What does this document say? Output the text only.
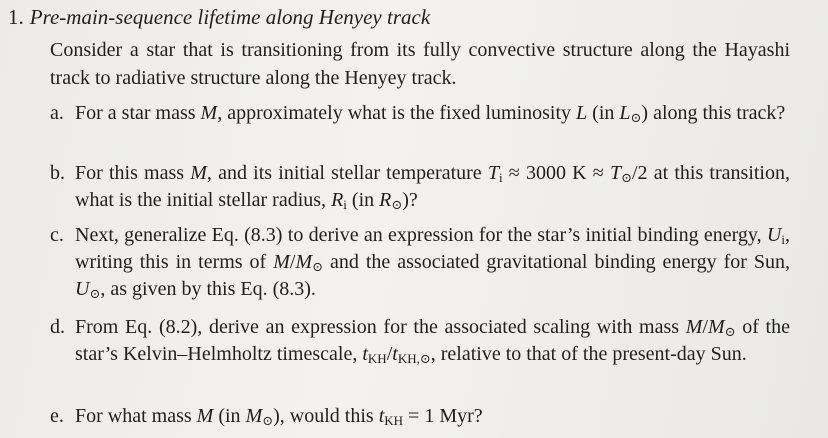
1. Pre-main-sequence lifetime along Henyey track
Consider a star that is transitioning from its fully convective structure along the Hayashi track to radiative structure along the Henyey track.
a. For a star mass M, approximately what is the fixed luminosity L (in L⊙) along this track?
b. For this mass M, and its initial stellar temperature $T_i \approx 3000$ K ≈ T⊙/2 at this transition, what is the initial stellar radius, $R_i$ (in R⊙)?
c. Next, generalize Eq. (8.3) to derive an expression for the star’s initial binding energy, $U_i$, writing this in terms of M/M⊙ and the associated gravitational binding energy for Sun, U⊙, as given by this Eq. (8.3).
d. From Eq. (8.2), derive an expression for the associated scaling with mass M/M⊙ of the star’s Kelvin–Helmholtz timescale, $t_{KH}/t_{KH,⊙}$, relative to that of the present-day Sun.
e. For what mass M (in M⊙), would this $t_{KH} = 1$ Myr?
